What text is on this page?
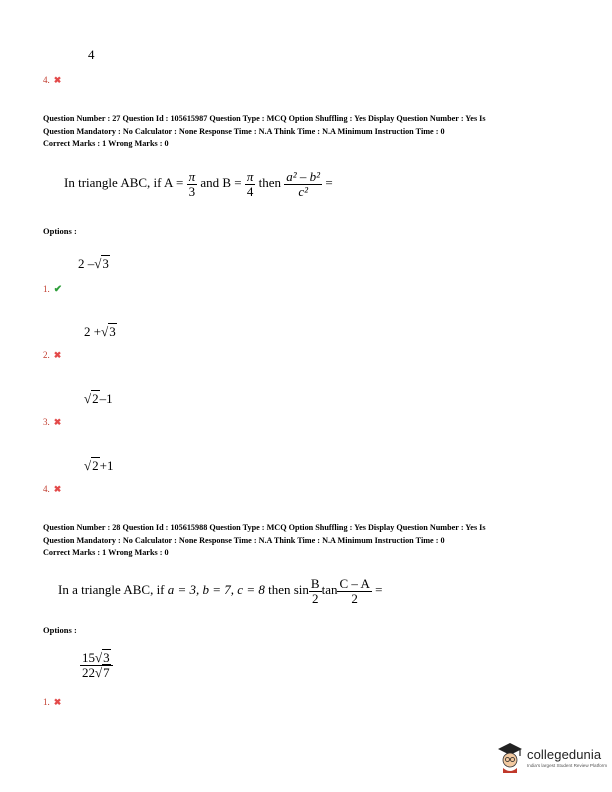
4
4. ✖
Question Number : 27 Question Id : 105615987 Question Type : MCQ Option Shuffling : Yes Display Question Number : Yes Is
Question Mandatory : No Calculator : None Response Time : N.A Think Time : N.A Minimum Instruction Time : 0
Correct Marks : 1 Wrong Marks : 0
In triangle ABC, if $A = \frac{\pi}{3}$ and $B = \frac{\pi}{4}$ then $\frac{\text{a² – b²}}{\text{c²}}$ =
Options :
2 –√3
1. ✔
2 +√3
2. ✖
√2–1
3. ✖
√2+1
4. ✖
Question Number : 28 Question Id : 105615988 Question Type : MCQ Option Shuffling : Yes Display Question Number : Yes Is
Question Mandatory : No Calculator : None Response Time : N.A Think Time : N.A Minimum Instruction Time : 0
Correct Marks : 1 Wrong Marks : 0
In a triangle ABC, if a = 3, b = 7, c = 8 then $\sin \frac{B}{2}$ $\tan \frac{C - A}{2}$ =
Options :
$\frac{15√3}{22√7}$
1. ✖
collegedunia
India's largest Student Review Platform
